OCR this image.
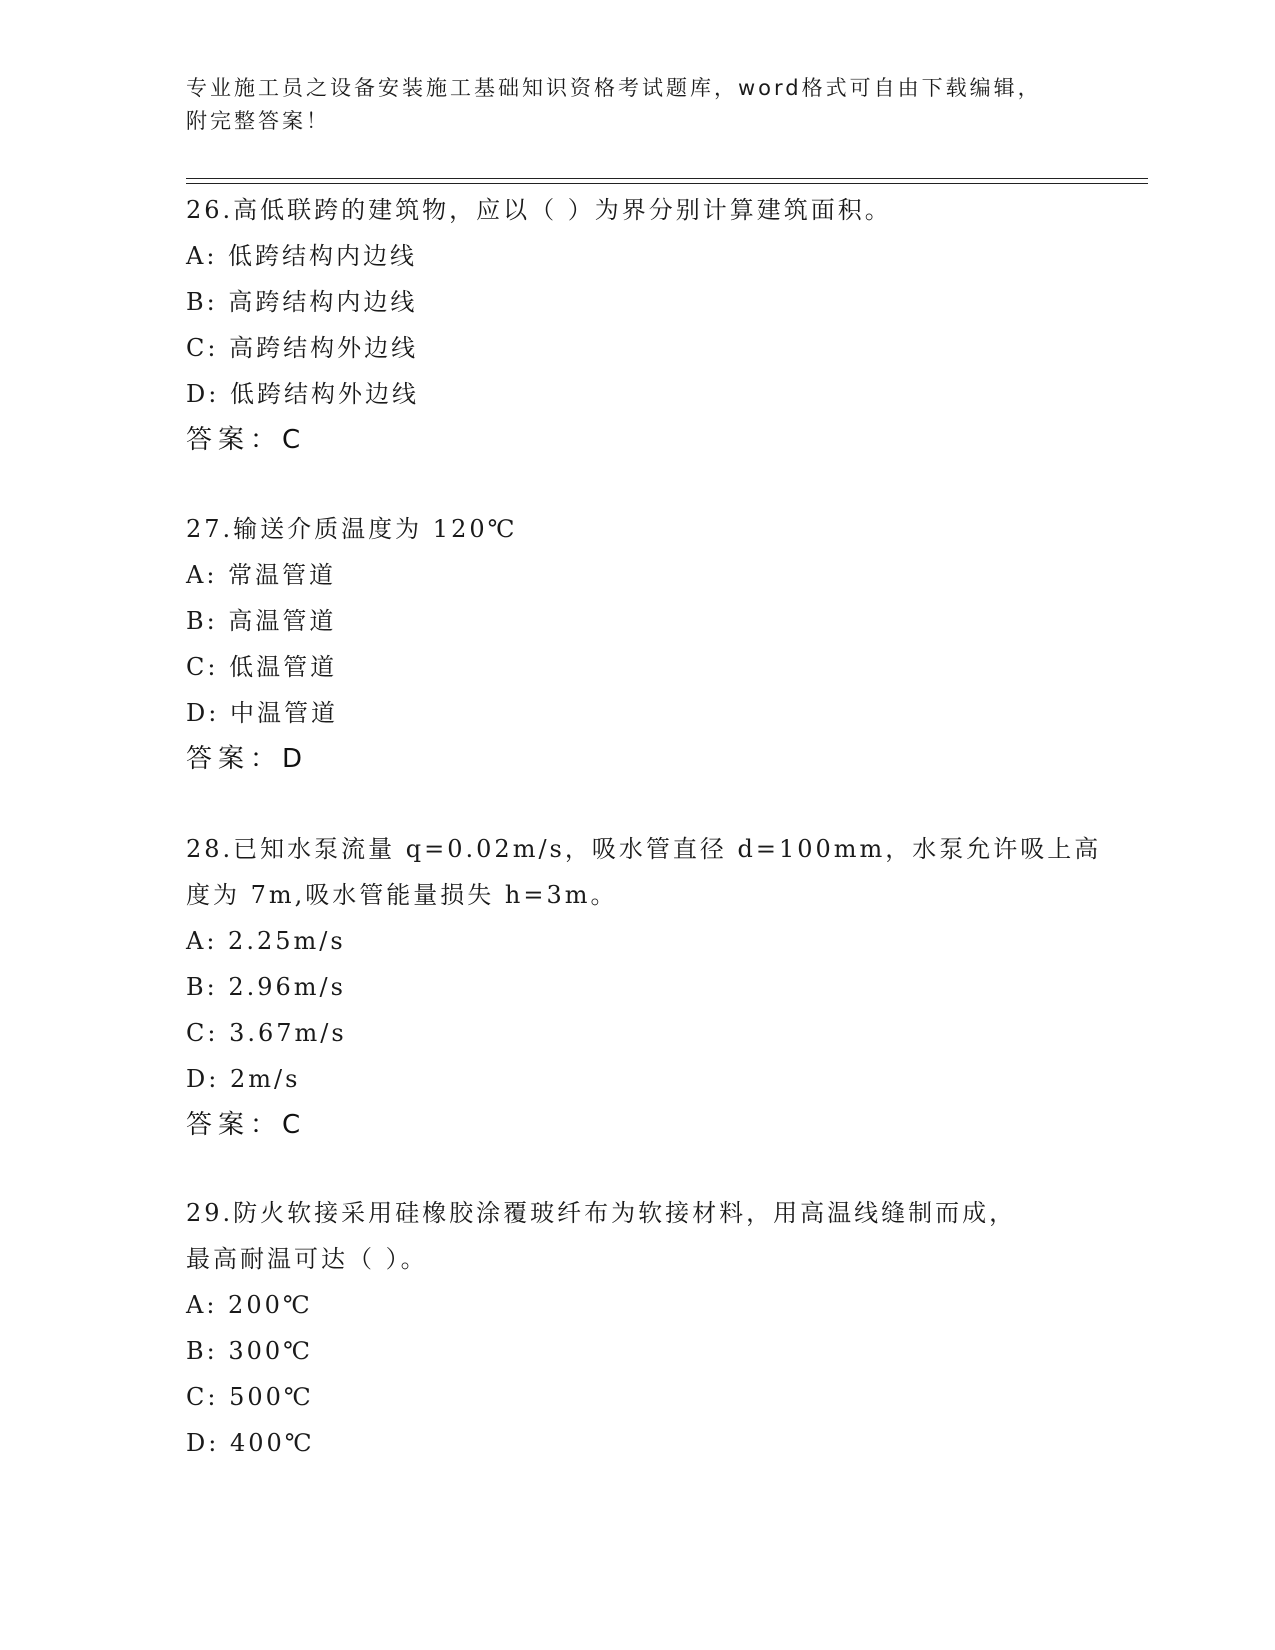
专业施工员之设备安装施工基础知识资格考试题库，word格式可自由下载编辑，
附完整答案！
26.高低联跨的建筑物，应以（ ）为界分别计算建筑面积。
A: 低跨结构内边线
B: 高跨结构内边线
C: 高跨结构外边线
D: 低跨结构外边线
答案：C
27.输送介质温度为 120℃
A: 常温管道
B: 高温管道
C: 低温管道
D: 中温管道
答案：D
28.已知水泵流量 q=0.02m/s，吸水管直径 d=100mm，水泵允许吸上高
度为 7m,吸水管能量损失 h=3m。
A: 2.25m/s
B: 2.96m/s
C: 3.67m/s
D: 2m/s
答案：C
29.防火软接采用硅橡胶涂覆玻纤布为软接材料，用高温线缝制而成，
最高耐温可达（ ）。
A: 200℃
B: 300℃
C: 500℃
D: 400℃
